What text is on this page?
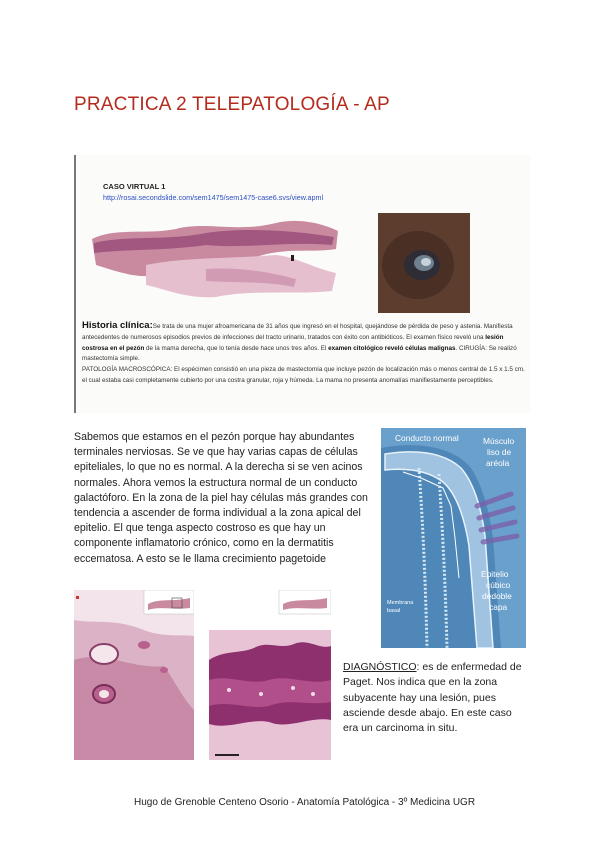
PRACTICA 2 TELEPATOLOGÍA - AP
CASO VIRTUAL 1
http://rosai.secondslide.com/sem1475/sem1475-case6.svs/view.apml
Historia clínica:Se trata de una mujer afroamericana de 31 años que ingresó en el hospital, quejándose de pérdida de peso y astenia. Manifiesta antecedentes de numerosos episodios previos de infecciones del tracto urinario, tratados con éxito con antibióticos. El examen físico reveló una lesión costrosa en el pezón de la mama derecha, que lo tenía desde hace unos tres años. El examen citológico reveló células malignas. CIRUGÍA: Se realizó mastectomía simple.
PATOLOGÍA MACROSCÓPICA: El espécimen consistió en una pieza de mastectomía que incluye pezón de localización más o menos central de 1.5 x 1.5 cm. el cual estaba casi completamente cubierto por una costra granular, roja y húmeda. La mama no presenta anomalías manifiestamente perceptibles.
Sabemos que estamos en el pezón porque hay abundantes terminales nerviosas. Se ve que hay varias capas de células epiteliales, lo que no es normal. A la derecha si se ven acinos normales. Ahora vemos la estructura normal de un conducto galactóforo. En la zona de la piel hay células más grandes con tendencia a ascender de forma individual a la zona apical del epitelio. El que tenga aspecto costroso es que hay un componente inflamatorio crónico, como en la dermatitis eccematosa. A esto se le llama crecimiento pagetoide
Conducto normal	Músculo
liso de
aréola
Epitelio
cúbico
dedoble
capa
Membrana
basal
DIAGNÓSTICO: es de enfermedad de Paget. Nos indica que en la zona subyacente hay una lesión, pues asciende desde abajo. En este caso era un carcinoma in situ.
Hugo de Grenoble Centeno Osorio - Anatomía Patológica - 3º Medicina UGR
